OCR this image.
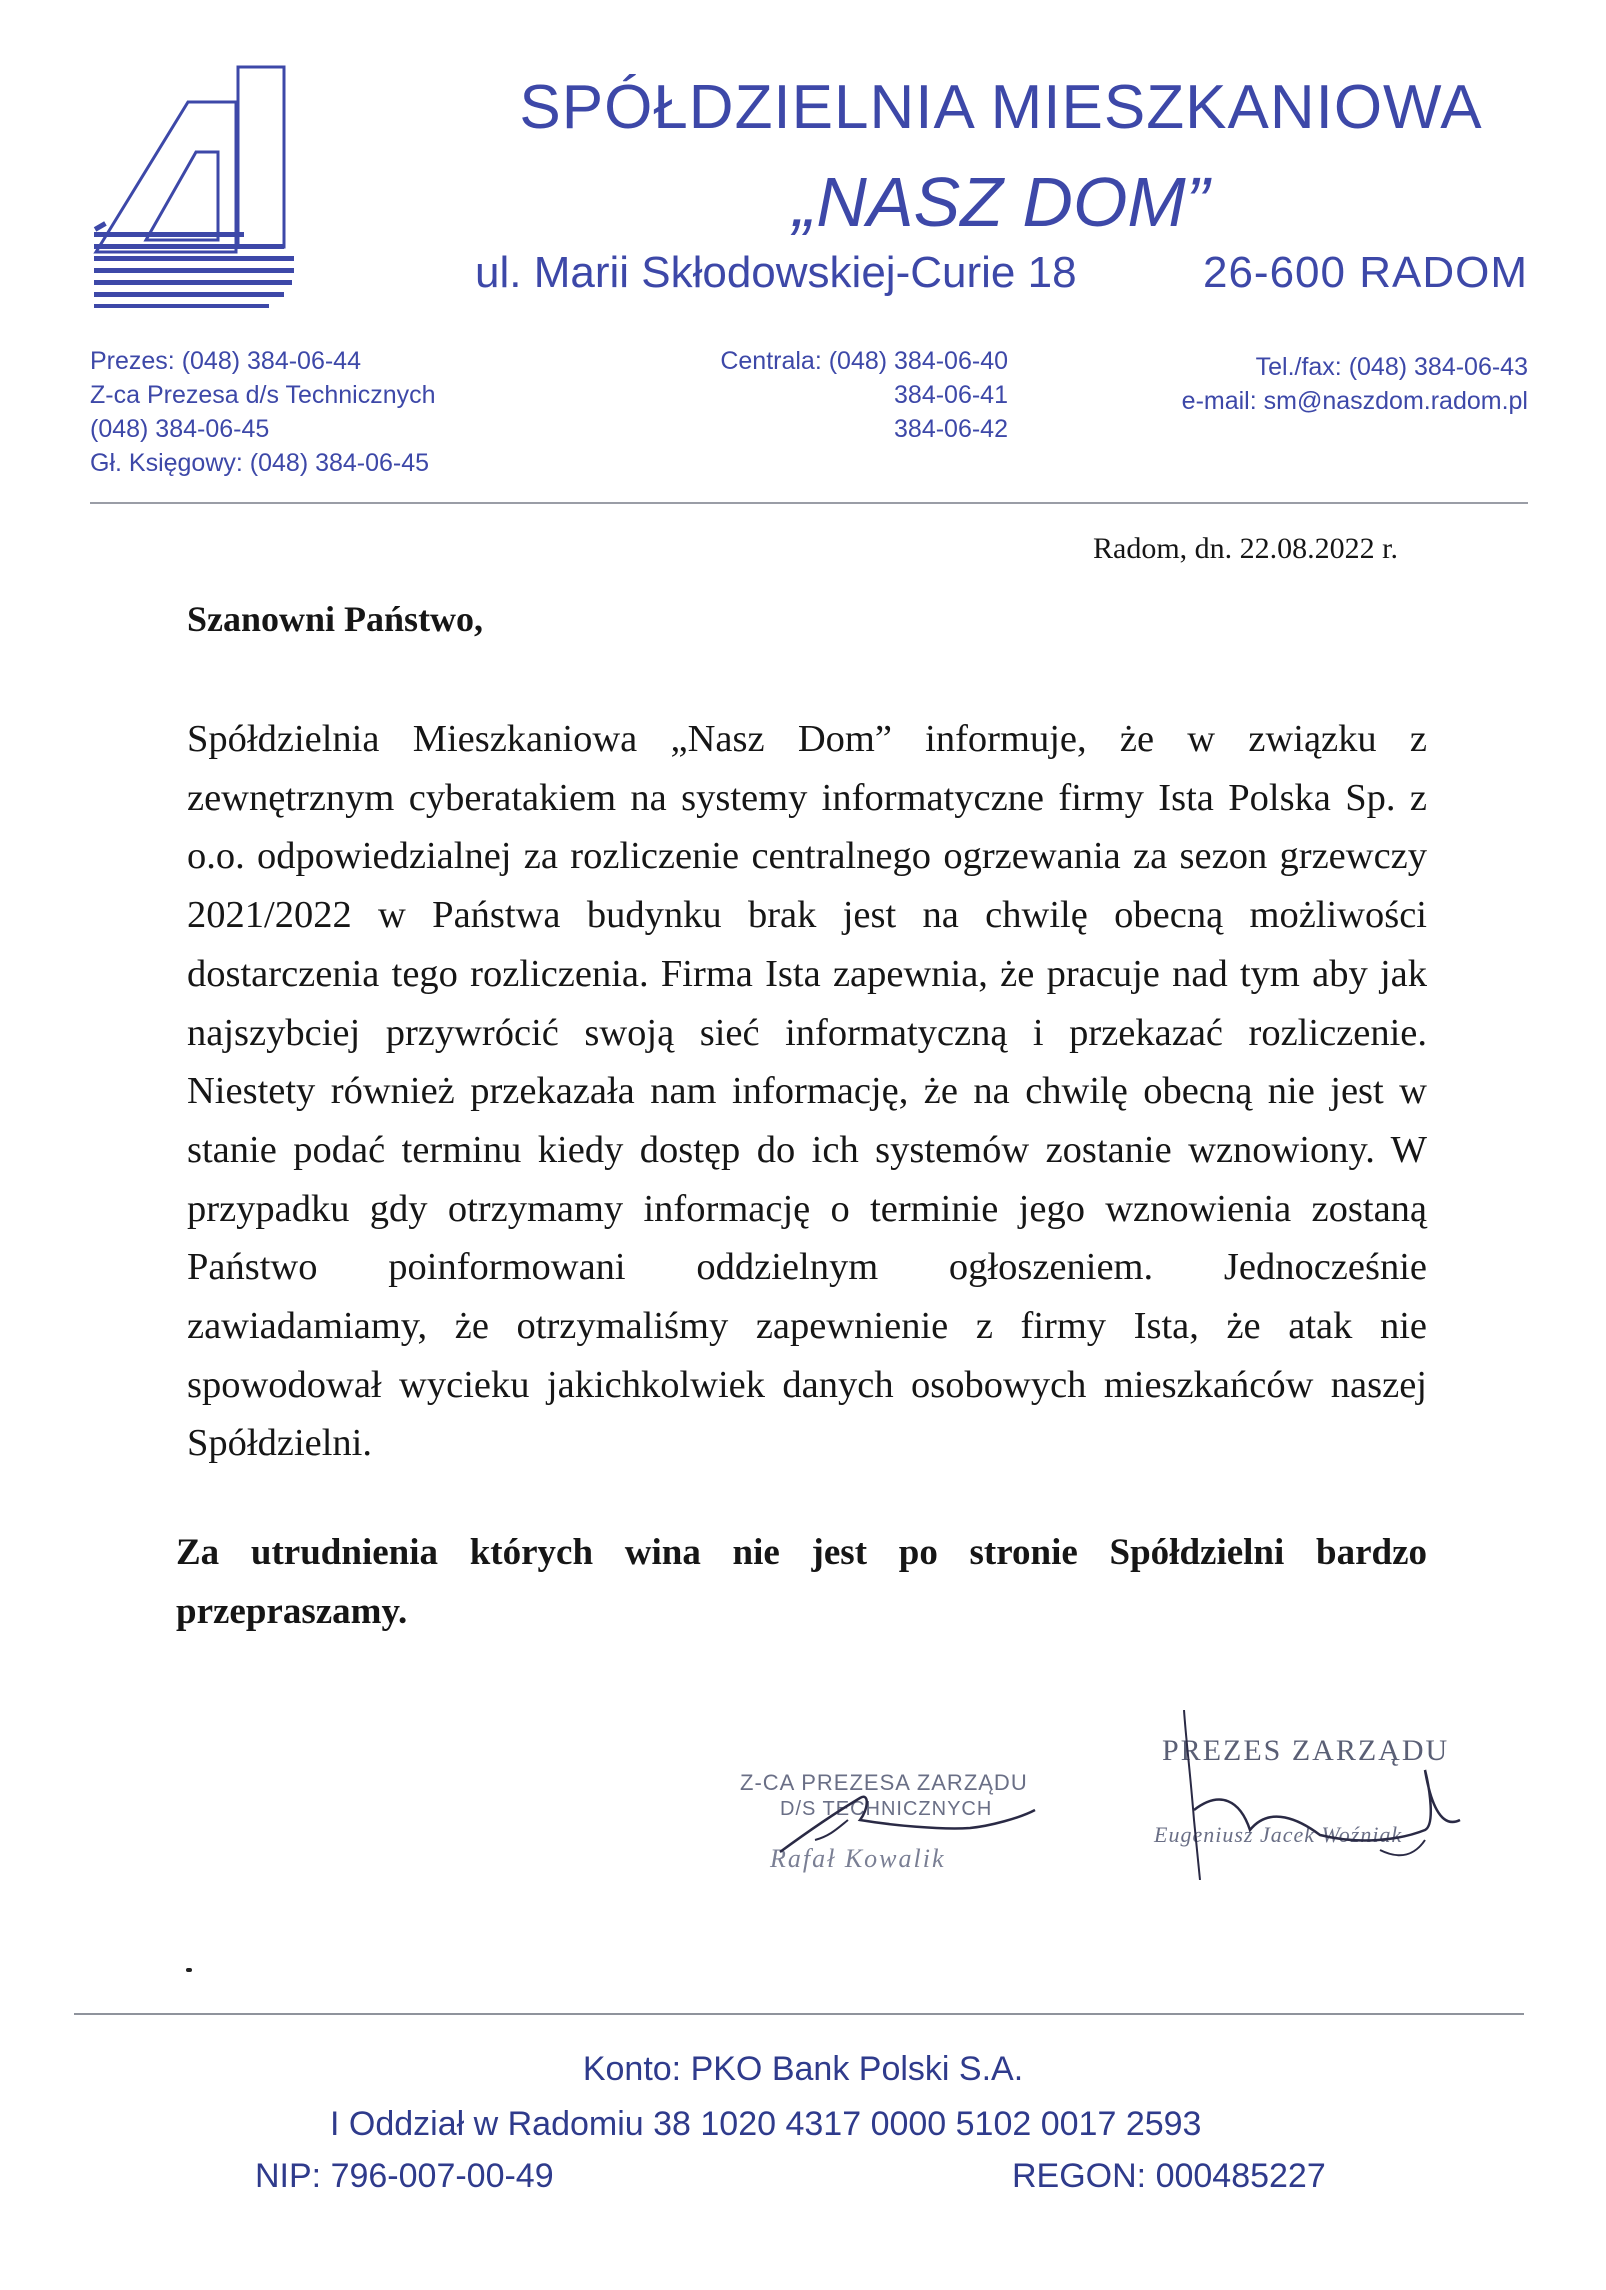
SPÓŁDZIELNIA MIESZKANIOWA
„NASZ DOM”
ul. Marii Skłodowskiej-Curie 18	26-600 RADOM
Prezes: (048) 384-06-44
Z-ca Prezesa d/s Technicznych
(048) 384-06-45
Gł. Księgowy: (048) 384-06-45
Centrala: (048) 384-06-40
384-06-41
384-06-42
Tel./fax: (048) 384-06-43
e-mail: sm@naszdom.radom.pl
Radom, dn. 22.08.2022 r.
Szanowni Państwo,
Spółdzielnia Mieszkaniowa „Nasz Dom” informuje, że w związku z zewnętrznym cyberatakiem na systemy informatyczne firmy Ista Polska Sp. z o.o. odpowiedzialnej za rozliczenie centralnego ogrzewania za sezon grzewczy 2021/2022 w Państwa budynku brak jest na chwilę obecną możliwości dostarczenia tego rozliczenia. Firma Ista zapewnia, że pracuje nad tym aby jak najszybciej przywrócić swoją sieć informatyczną i przekazać rozliczenie. Niestety również przekazała nam informację, że na chwilę obecną nie jest w stanie podać terminu kiedy dostęp do ich systemów zostanie wznowiony. W przypadku gdy otrzymamy informację o terminie jego wznowienia zostaną Państwo poinformowani oddzielnym ogłoszeniem. Jednocześnie zawiadamiamy, że otrzymaliśmy zapewnienie z firmy Ista, że atak nie spowodował wycieku jakichkolwiek danych osobowych mieszkańców naszej Spółdzielni.
Za utrudnienia których wina nie jest po stronie Spółdzielni bardzo przepraszamy.
Z-CA PREZESA ZARZĄDU
D/S TECHNICZNYCH
Rafał Kowalik
PREZES ZARZĄDU
Eugeniusz Jacek Woźniak
Konto: PKO Bank Polski S.A.
I Oddział w Radomiu 38 1020 4317 0000 5102 0017 2593
NIP: 796-007-00-49	REGON: 000485227
